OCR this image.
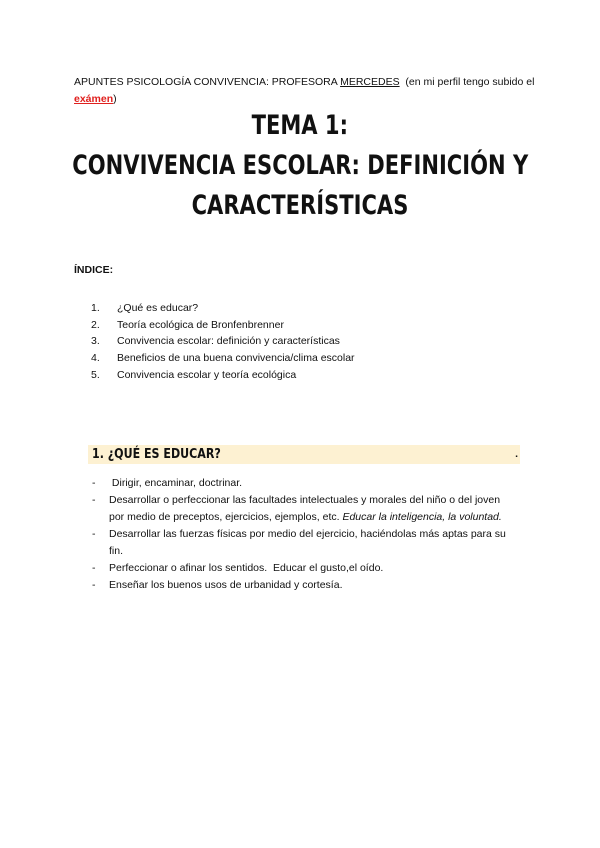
APUNTES PSICOLOGÍA CONVIVENCIA: PROFESORA MERCEDES  (en mi perfil tengo subido el
exámen)
TEMA 1:
CONVIVENCIA ESCOLAR: DEFINICIÓN Y
CARACTERÍSTICAS
ÍNDICE:
1. ¿Qué es educar?
2. Teoría ecológica de Bronfenbrenner
3. Convivencia escolar: definición y características
4. Beneficios de una buena convivencia/clima escolar
5. Convivencia escolar y teoría ecológica
1. ¿QUÉ ES EDUCAR?	.
- Dirigir, encaminar, doctrinar.
- Desarrollar o perfeccionar las facultades intelectuales y morales del niño o del joven
por medio de preceptos, ejercicios, ejemplos, etc. Educar la inteligencia, la voluntad.
- Desarrollar las fuerzas físicas por medio del ejercicio, haciéndolas más aptas para su
fin.
- Perfeccionar o afinar los sentidos.  Educar el gusto,el oído.
- Enseñar los buenos usos de urbanidad y cortesía.
